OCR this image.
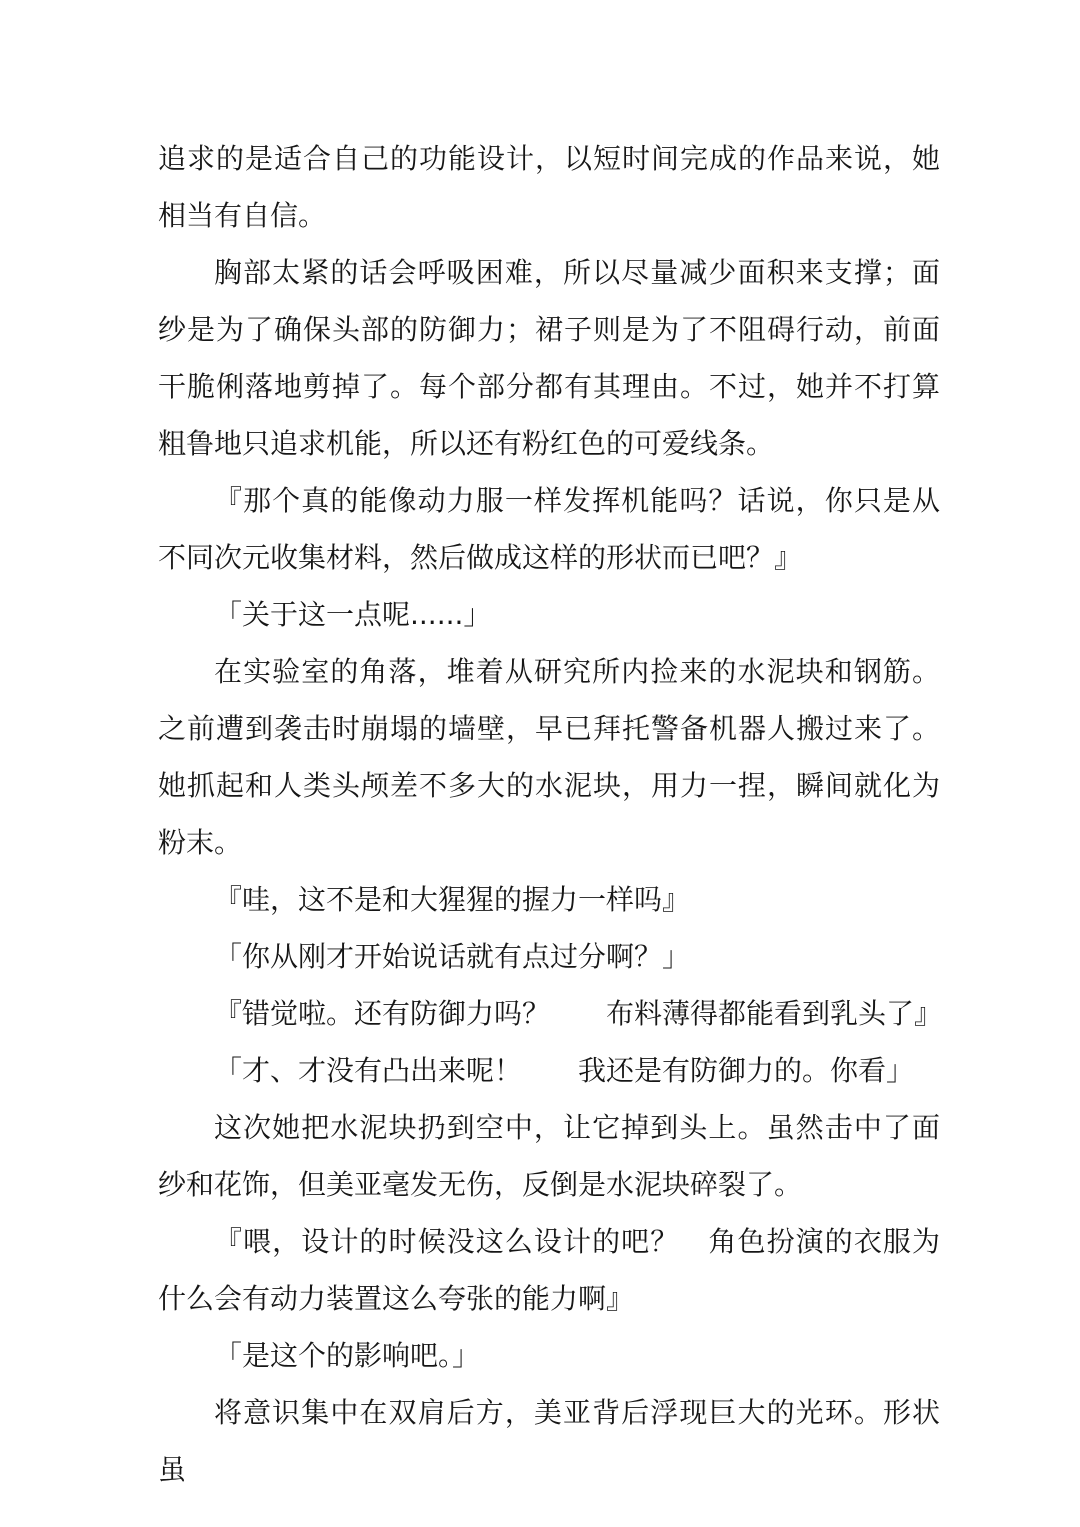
追求的是适合自己的功能设计，以短时间完成的作品来说，她相当有自信。

胸部太紧的话会呼吸困难，所以尽量减少面积来支撑；面纱是为了确保头部的防御力；裙子则是为了不阻碍行动，前面干脆俐落地剪掉了。每个部分都有其理由。不过，她并不打算粗鲁地只追求机能，所以还有粉红色的可爱线条。

『那个真的能像动力服一样发挥机能吗？话说，你只是从不同次元收集材料，然后做成这样的形状而已吧？』

「关于这一点呢......」

在实验室的角落，堆着从研究所内捡来的水泥块和钢筋。之前遭到袭击时崩塌的墙壁，早已拜托警备机器人搬过来了。她抓起和人类头颅差不多大的水泥块，用力一捏，瞬间就化为粉末。

『哇，这不是和大猩猩的握力一样吗』

「你从刚才开始说话就有点过分啊？」

『错觉啦。还有防御力吗？　　布料薄得都能看到乳头了』

「才、才没有凸出来呢！　　我还是有防御力的。你看」

这次她把水泥块扔到空中，让它掉到头上。虽然击中了面纱和花饰，但美亚毫发无伤，反倒是水泥块碎裂了。

『喂，设计的时候没这么设计的吧？　角色扮演的衣服为什么会有动力装置这么夸张的能力啊』

「是这个的影响吧。」

将意识集中在双肩后方，美亚背后浮现巨大的光环。形状虽
